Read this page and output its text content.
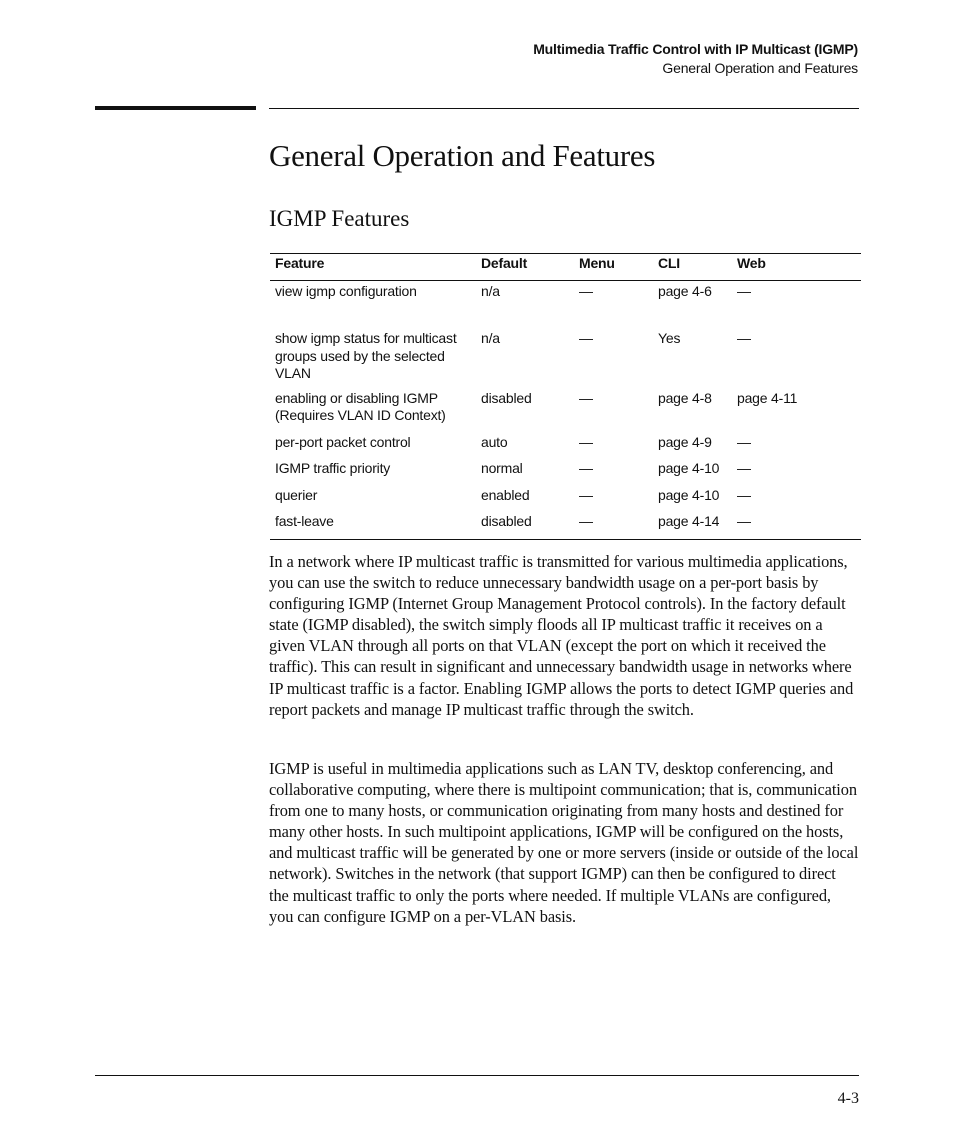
Multimedia Traffic Control with IP Multicast (IGMP)
General Operation and Features
General Operation and Features
IGMP Features
Feature	Default	Menu	CLI	Web
view igmp configuration	n/a	—	page 4-6	—

show igmp status for multicast
groups used by the selected
VLAN	n/a	—	Yes	—

enabling or disabling IGMP
(Requires VLAN ID Context)	disabled	—	page 4-8	page 4-11
per-port packet control	auto	—	page 4-9	—
IGMP traffic priority	normal	—	page 4-10	—
querier	enabled	—	page 4-10	—
fast-leave	disabled	—	page 4-14	—

In a network where IP multicast traffic is transmitted for various multimedia applications, you can use the switch to reduce unnecessary bandwidth usage on a per-port basis by configuring IGMP (Internet Group Management Protocol controls). In the factory default state (IGMP disabled), the switch simply floods all IP multicast traffic it receives on a given VLAN through all ports on that VLAN (except the port on which it received the traffic). This can result in significant and unnecessary bandwidth usage in networks where IP multicast traffic is a factor. Enabling IGMP allows the ports to detect IGMP queries and report packets and manage IP multicast traffic through the switch.

IGMP is useful in multimedia applications such as LAN TV, desktop conferencing, and collaborative computing, where there is multipoint communication; that is, communication from one to many hosts, or communication originating from many hosts and destined for many other hosts. In such multipoint applications, IGMP will be configured on the hosts, and multicast traffic will be generated by one or more servers (inside or outside of the local network). Switches in the network (that support IGMP) can then be configured to direct the multicast traffic to only the ports where needed. If multiple VLANs are configured, you can configure IGMP on a per-VLAN basis.

4-3
